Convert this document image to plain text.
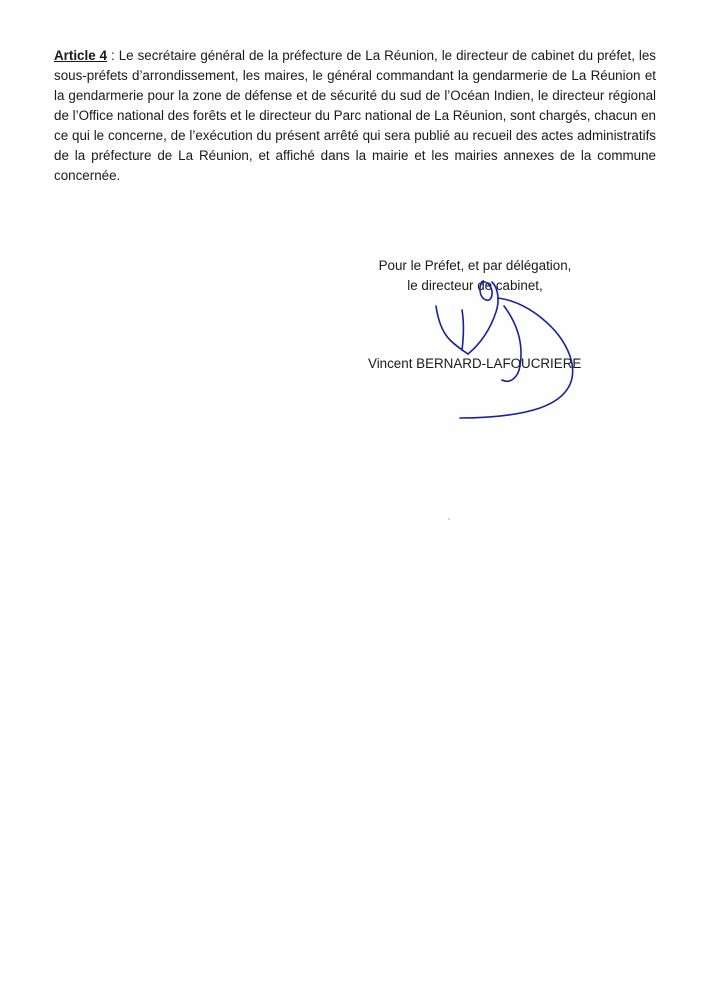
Article 4 : Le secrétaire général de la préfecture de La Réunion, le directeur de cabinet du préfet, les sous-préfets d’arrondissement, les maires, le général commandant la gendarmerie de La Réunion et la gendarmerie pour la zone de défense et de sécurité du sud de l’Océan Indien, le directeur régional de l’Office national des forêts et le directeur du Parc national de La Réunion, sont chargés, chacun en ce qui le concerne, de l’exécution du présent arrêté qui sera publié au recueil des actes administratifs de la préfecture de La Réunion, et affiché dans la mairie et les mairies annexes de la commune concernée.
Pour le Préfet, et par délégation,
le directeur de cabinet,
Vincent BERNARD-LAFOUCRIERE
